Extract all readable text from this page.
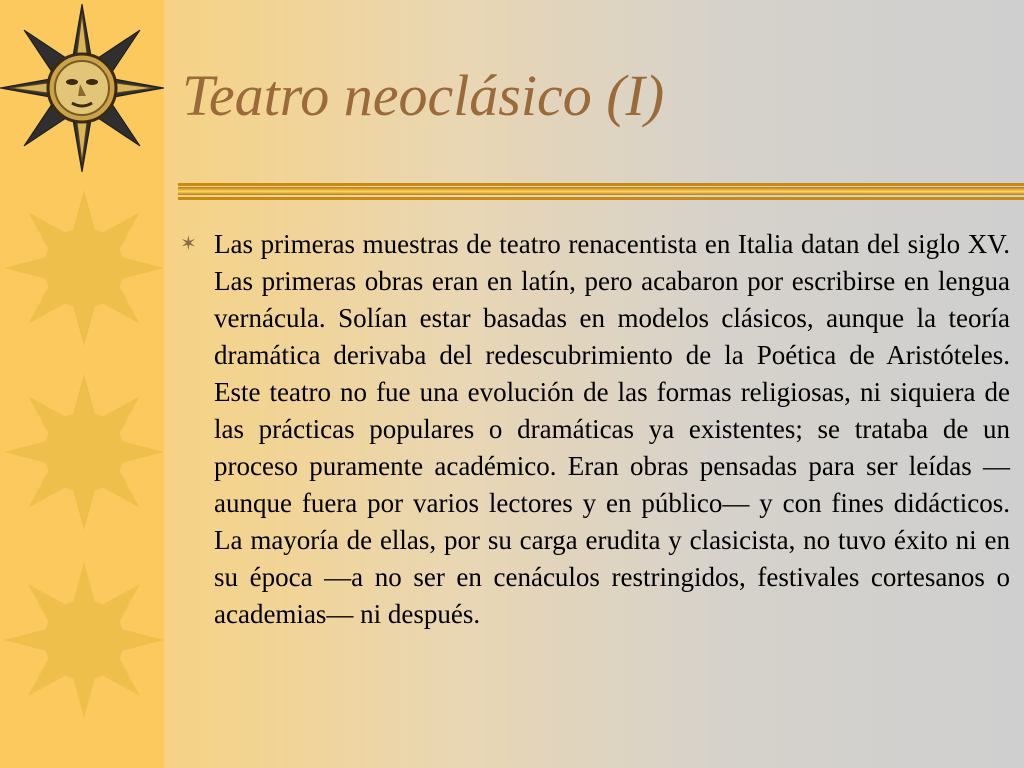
Teatro neoclásico (I)
✶ Las primeras muestras de teatro renacentista en Italia datan del siglo XV. Las primeras obras eran en latín, pero acabaron por escribirse en lengua vernácula. Solían estar basadas en modelos clásicos, aunque la teoría dramática derivaba del redescubrimiento de la Poética de Aristóteles. Este teatro no fue una evolución de las formas religiosas, ni siquiera de las prácticas populares o dramáticas ya existentes; se trataba de un proceso puramente académico. Eran obras pensadas para ser leídas —aunque fuera por varios lectores y en público— y con fines didácticos. La mayoría de ellas, por su carga erudita y clasicista, no tuvo éxito ni en su época —a no ser en cenáculos restringidos, festivales cortesanos o academias— ni después.
